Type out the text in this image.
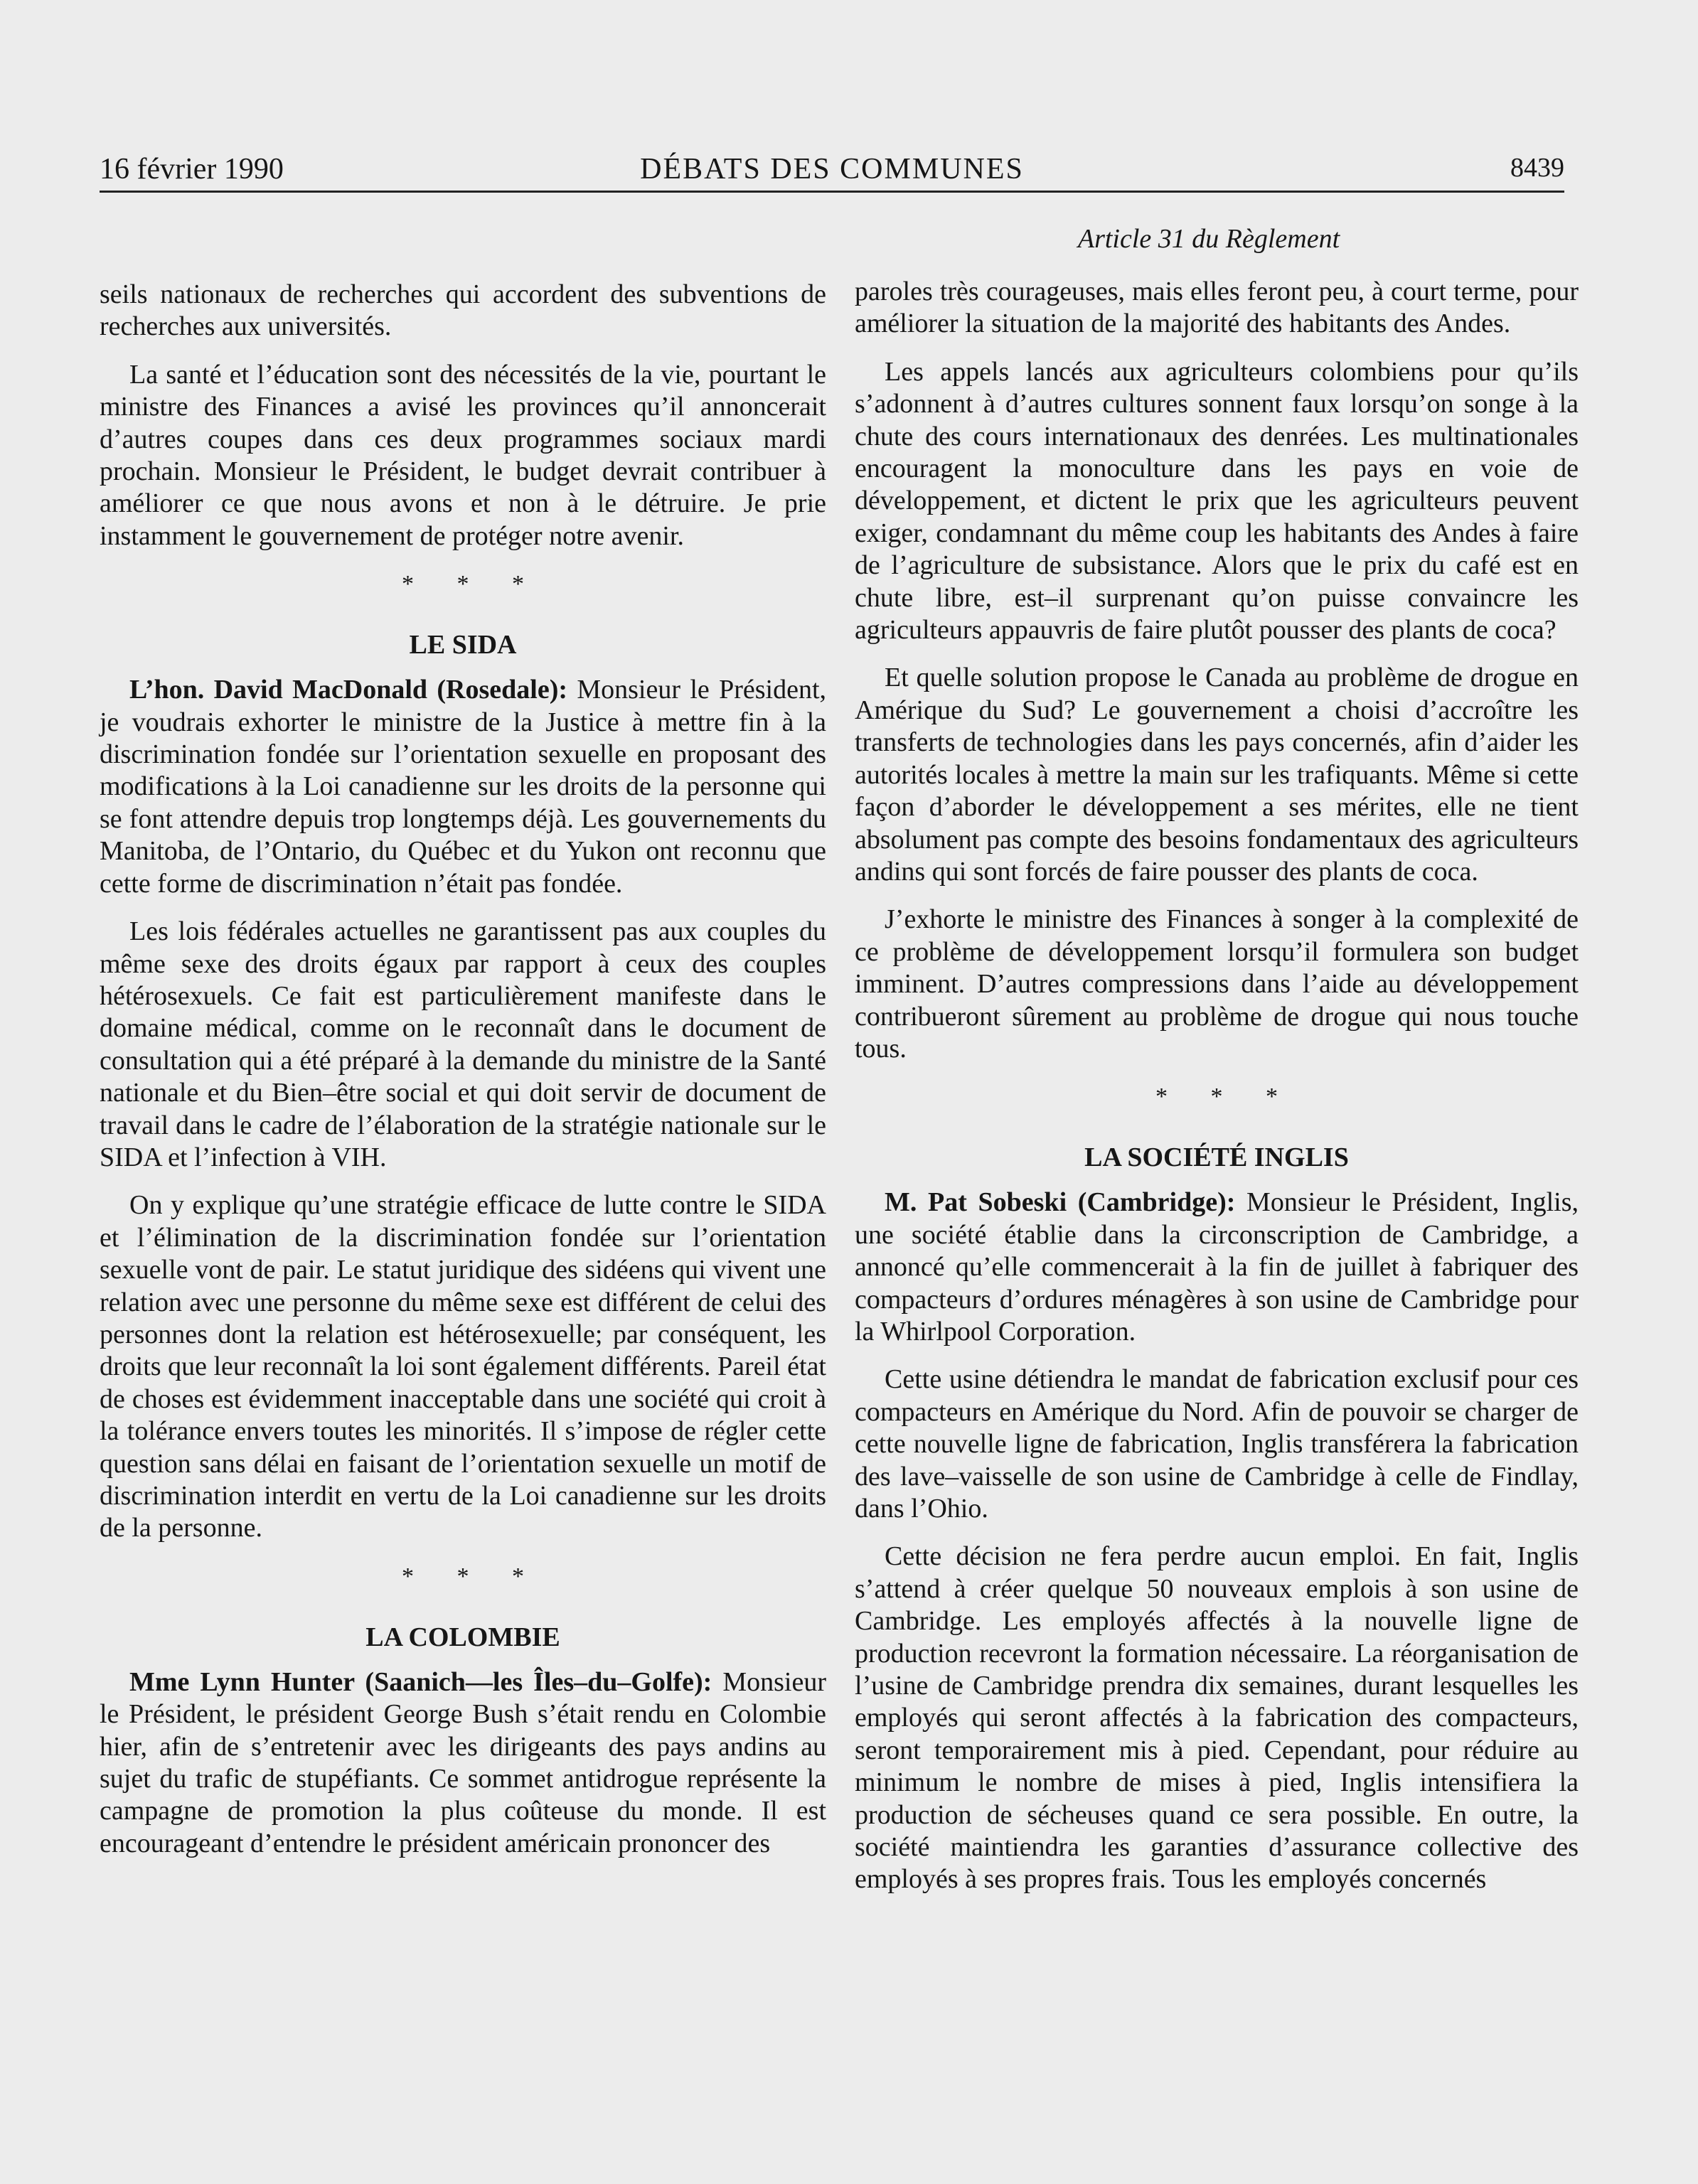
16 février 1990	DÉBATS DES COMMUNES	8439
Article 31 du Règlement

seils nationaux de recherches qui accordent des subventions de recherches aux universités.

La santé et l’éducation sont des nécessités de la vie, pourtant le ministre des Finances a avisé les provinces qu’il annoncerait d’autres coupes dans ces deux programmes sociaux mardi prochain. Monsieur le Président, le budget devrait contribuer à améliorer ce que nous avons et non à le détruire. Je prie instamment le gouvernement de protéger notre avenir.

* * *
LE SIDA

L’hon. David MacDonald (Rosedale): Monsieur le Président, je voudrais exhorter le ministre de la Justice à mettre fin à la discrimination fondée sur l’orientation sexuelle en proposant des modifications à la Loi canadienne sur les droits de la personne qui se font attendre depuis trop longtemps déjà. Les gouvernements du Manitoba, de l’Ontario, du Québec et du Yukon ont reconnu que cette forme de discrimination n’était pas fondée.

Les lois fédérales actuelles ne garantissent pas aux couples du même sexe des droits égaux par rapport à ceux des couples hétérosexuels. Ce fait est particulièrement manifeste dans le domaine médical, comme on le reconnaît dans le document de consultation qui a été préparé à la demande du ministre de la Santé nationale et du Bien–être social et qui doit servir de document de travail dans le cadre de l’élaboration de la stratégie nationale sur le SIDA et l’infection à VIH.

On y explique qu’une stratégie efficace de lutte contre le SIDA et l’élimination de la discrimination fondée sur l’orientation sexuelle vont de pair. Le statut juridique des sidéens qui vivent une relation avec une personne du même sexe est différent de celui des personnes dont la relation est hétérosexuelle; par conséquent, les droits que leur reconnaît la loi sont également différents. Pareil état de choses est évidemment inacceptable dans une société qui croit à la tolérance envers toutes les minorités. Il s’impose de régler cette question sans délai en faisant de l’orientation sexuelle un motif de discrimination interdit en vertu de la Loi canadienne sur les droits de la personne.

* * *
LA COLOMBIE

Mme Lynn Hunter (Saanich—les Îles–du–Golfe): Monsieur le Président, le président George Bush s’était rendu en Colombie hier, afin de s’entretenir avec les dirigeants des pays andins au sujet du trafic de stupéfiants. Ce sommet antidrogue représente la campagne de promotion la plus coûteuse du monde. Il est encourageant d’entendre le président américain prononcer des

paroles très courageuses, mais elles feront peu, à court terme, pour améliorer la situation de la majorité des habitants des Andes.

Les appels lancés aux agriculteurs colombiens pour qu’ils s’adonnent à d’autres cultures sonnent faux lorsqu’on songe à la chute des cours internationaux des denrées. Les multinationales encouragent la monoculture dans les pays en voie de développement, et dictent le prix que les agriculteurs peuvent exiger, condamnant du même coup les habitants des Andes à faire de l’agriculture de subsistance. Alors que le prix du café est en chute libre, est–il surprenant qu’on puisse convaincre les agriculteurs appauvris de faire plutôt pousser des plants de coca?

Et quelle solution propose le Canada au problème de drogue en Amérique du Sud? Le gouvernement a choisi d’accroître les transferts de technologies dans les pays concernés, afin d’aider les autorités locales à mettre la main sur les trafiquants. Même si cette façon d’aborder le développement a ses mérites, elle ne tient absolument pas compte des besoins fondamentaux des agriculteurs andins qui sont forcés de faire pousser des plants de coca.

J’exhorte le ministre des Finances à songer à la complexité de ce problème de développement lorsqu’il formulera son budget imminent. D’autres compressions dans l’aide au développement contribueront sûrement au problème de drogue qui nous touche tous.

* * *
LA SOCIÉTÉ INGLIS

M. Pat Sobeski (Cambridge): Monsieur le Président, Inglis, une société établie dans la circonscription de Cambridge, a annoncé qu’elle commencerait à la fin de juillet à fabriquer des compacteurs d’ordures ménagères à son usine de Cambridge pour la Whirlpool Corporation.

Cette usine détiendra le mandat de fabrication exclusif pour ces compacteurs en Amérique du Nord. Afin de pouvoir se charger de cette nouvelle ligne de fabrication, Inglis transférera la fabrication des lave–vaisselle de son usine de Cambridge à celle de Findlay, dans l’Ohio.

Cette décision ne fera perdre aucun emploi. En fait, Inglis s’attend à créer quelque 50 nouveaux emplois à son usine de Cambridge. Les employés affectés à la nouvelle ligne de production recevront la formation nécessaire. La réorganisation de l’usine de Cambridge prendra dix semaines, durant lesquelles les employés qui seront affectés à la fabrication des compacteurs, seront temporairement mis à pied. Cependant, pour réduire au minimum le nombre de mises à pied, Inglis intensifiera la production de sécheuses quand ce sera possible. En outre, la société maintiendra les garanties d’assurance collective des employés à ses propres frais. Tous les employés concernés
